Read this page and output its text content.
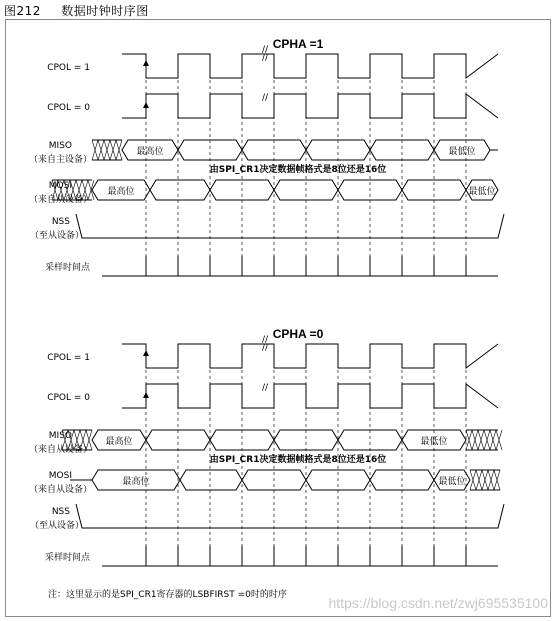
图212 数据时钟时序图
CPHA =1
//
//
//
最高位	最低位
最高位	最低位
由SPI_CR1决定数据帧格式是8位还是16位
CPOL = 1
CPOL = 0
MISO
（来自主设备）
MOSI
（来自从设备）
NSS
（至从设备）
采样时间点
CPHA =0
//
//
//
最高位	最低位
最高位	最低位
由SPI_CR1决定数据帧格式是8位还是16位
CPOL = 1
CPOL = 0
MISO
（来自从设备）
MOSI
（来自从设备）
NSS
（至从设备）
采样时间点
注：这里显示的是SPI_CR1寄存器的LSBFIRST =0时的时序	https://blog.csdn.net/zwj695535100
